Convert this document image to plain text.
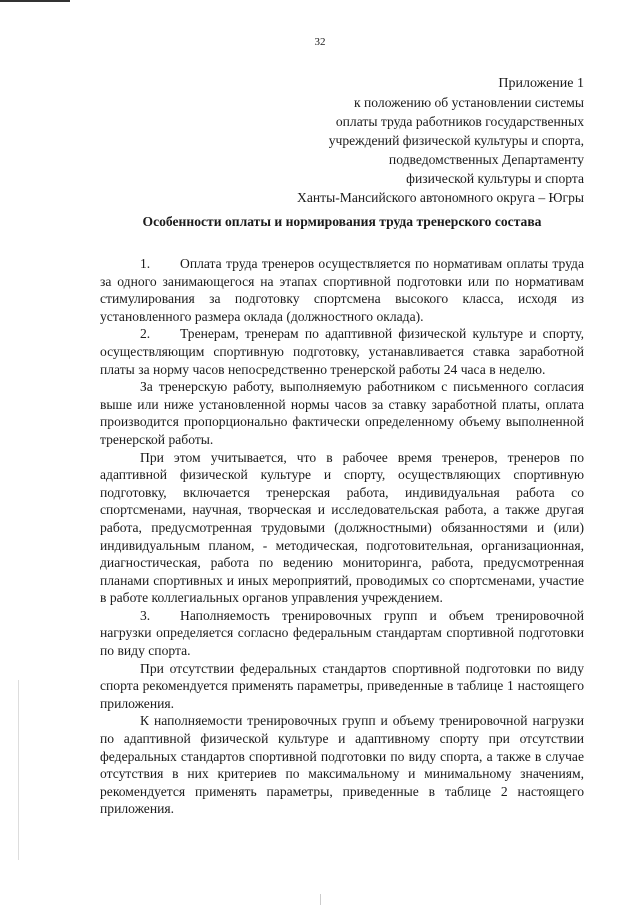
32
Приложение 1
к положению об установлении системы
оплаты труда работников государственных
учреждений физической культуры и спорта,
подведомственных Департаменту
физической культуры и спорта
Ханты-Мансийского автономного округа – Югры
Особенности оплаты и нормирования труда тренерского состава

1. Оплата труда тренеров осуществляется по нормативам оплаты труда за одного занимающегося на этапах спортивной подготовки или по нормативам стимулирования за подготовку спортсмена высокого класса, исходя из установленного размера оклада (должностного оклада).

2. Тренерам, тренерам по адаптивной физической культуре и спорту, осуществляющим спортивную подготовку, устанавливается ставка заработной платы за норму часов непосредственно тренерской работы 24 часа в неделю.

За тренерскую работу, выполняемую работником с письменного согласия выше или ниже установленной нормы часов за ставку заработной платы, оплата производится пропорционально фактически определенному объему выполненной тренерской работы.

При этом учитывается, что в рабочее время тренеров, тренеров по адаптивной физической культуре и спорту, осуществляющих спортивную подготовку, включается тренерская работа, индивидуальная работа со спортсменами, научная, творческая и исследовательская работа, а также другая работа, предусмотренная трудовыми (должностными) обязанностями и (или) индивидуальным планом, - методическая, подготовительная, организационная, диагностическая, работа по ведению мониторинга, работа, предусмотренная планами спортивных и иных мероприятий, проводимых со спортсменами, участие в работе коллегиальных органов управления учреждением.

3. Наполняемость тренировочных групп и объем тренировочной нагрузки определяется согласно федеральным стандартам спортивной подготовки по виду спорта.

При отсутствии федеральных стандартов спортивной подготовки по виду спорта рекомендуется применять параметры, приведенные в таблице 1 настоящего приложения.

К наполняемости тренировочных групп и объему тренировочной нагрузки по адаптивной физической культуре и адаптивному спорту при отсутствии федеральных стандартов спортивной подготовки по виду спорта, а также в случае отсутствия в них критериев по максимальному и минимальному значениям, рекомендуется применять параметры, приведенные в таблице 2 настоящего приложения.
